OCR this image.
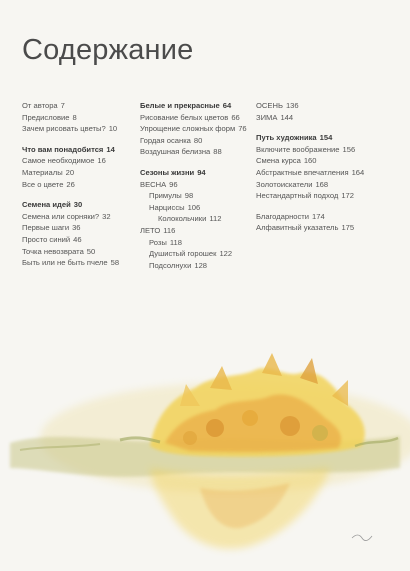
Содержание
От автора 7
Предисловие 8
Зачем рисовать цветы? 10
Что вам понадобится 14
Самое необходимое 16
Материалы 20
Все о цвете 26
Семена идей 30
Семена или сорняки? 32
Первые шаги 36
Просто синий 46
Точка невозврата 50
Быть или не быть пчеле 58
Белые и прекрасные 64
Рисование белых цветов 66
Упрощение сложных форм 76
Гордая осанка 80
Воздушная белизна 88
Сезоны жизни 94
ВЕСНА 96
Примулы 98
Нарциссы 106
Колокольчики 112
ЛЕТО 116
Розы 118
Душистый горошек 122
Подсолнухи 128
ОСЕНЬ 136
ЗИМА 144
Путь художника 154
Включите воображение 156
Смена курса 160
Абстрактные впечатления 164
Золотоискатели 168
Нестандартный подход 172
Благодарности 174
Алфавитный указатель 175
